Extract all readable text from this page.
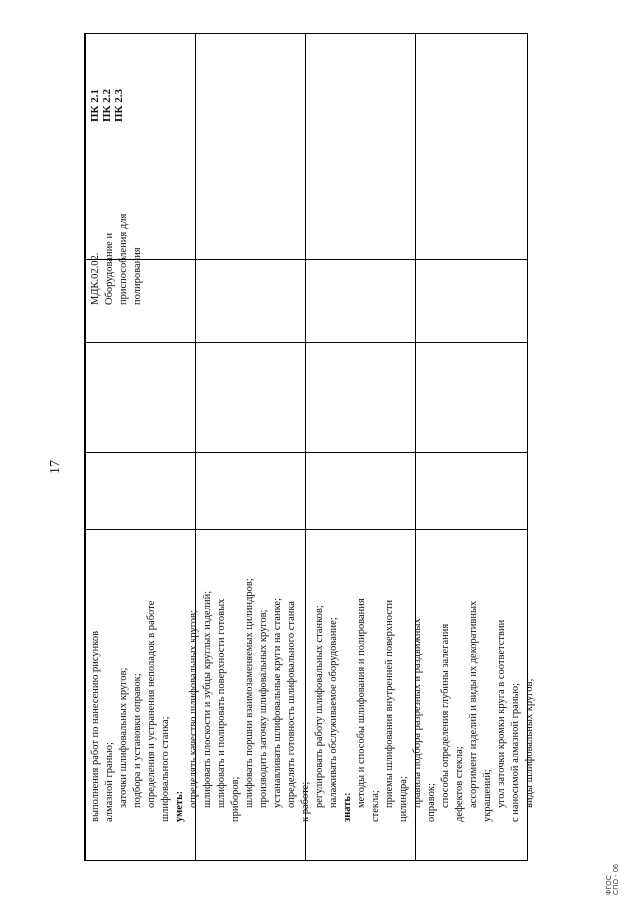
17
ФГОС СПО - 06
выполнения работ по нанесению рисунков алмазной гранью; заточки шлифовальных кругов; подбора и установки оправок; определения и устранения неполадок в работе шлифовального станка; уметь: определять качество шлифовальных кругов; шлифовать плоскости и зубцы круглых изделий; шлифовать и полировать поверхности готовых приборов; шлифовать поршни взаимозаменяемых цилиндров; производить заточку шлифовальных кругов; устанавливать шлифовальные круги на станке; определять готовность шлифовального станка к работе; регулировать работу шлифовальных станков; налаживать обслуживаемое оборудование; знать: методы и способы шлифования и полирования стекла; приемы шлифования внутренней поверхности цилиндра; правила подбора разрезных и раздвижных оправок; способы определения глубины залегания дефектов стекла; ассортимент изделий и виды их декоративных украшений; угол заточки кромки круга в соответствии с наносимой алмазной гранью; виды шлифовальных кругов;
МДК.02.02. Оборудование и приспособления для полирования
ПК 2.1 ПК 2.2 ПК 2.3
